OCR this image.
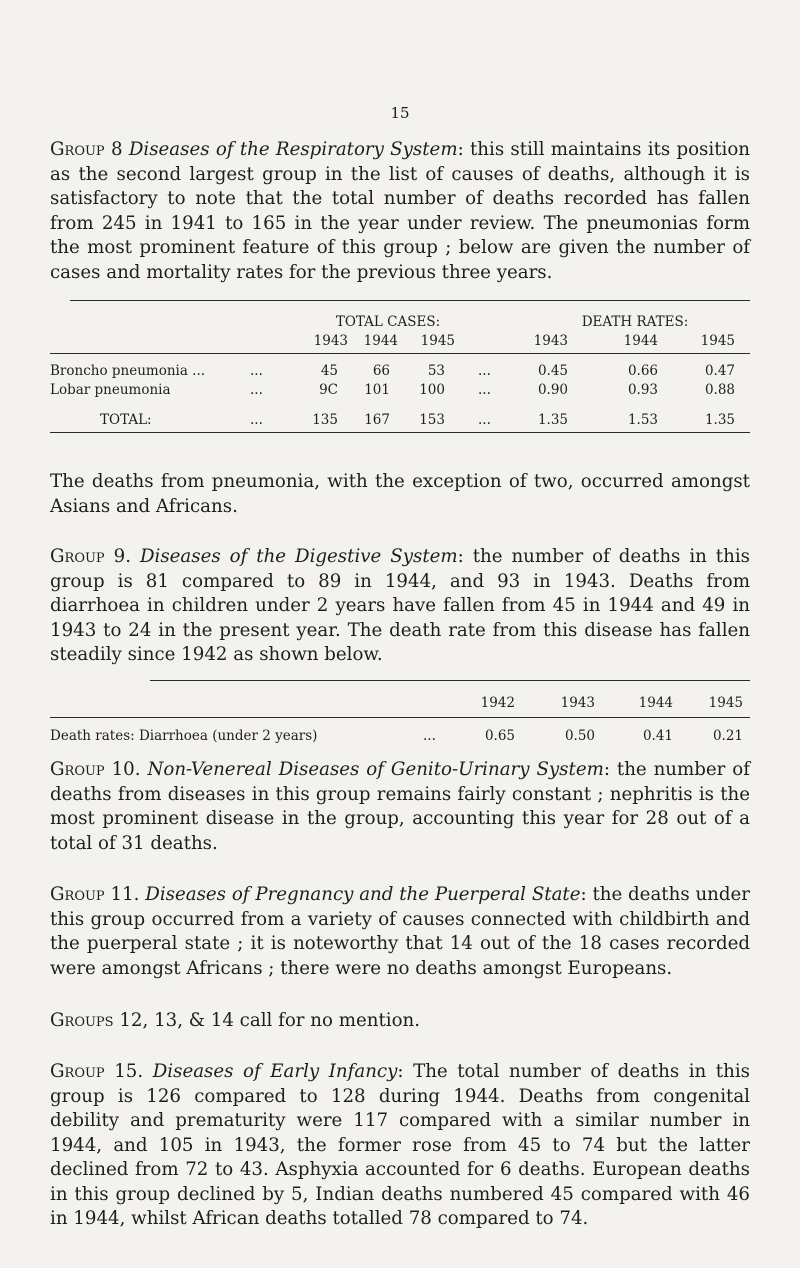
15
Group 8 Diseases of the Respiratory System: this still maintains its position as the second largest group in the list of causes of deaths, although it is satisfactory to note that the total number of deaths recorded has fallen from 245 in 1941 to 165 in the year under review. The pneumonias form the most prominent feature of this group ; below are given the number of cases and mortality rates for the previous three years.
TOTAL CASES:	DEATH RATES:
1943	1944	1945	1943	1944	1945
Broncho pneumonia ...	...	45	66	53 ...	0.45	0.66	0.47
Lobar pneumonia	...	9C	101	100 ...	0.90	0.93	0.88
TOTAL:	...	135	167	153 ...	1.35	1.53	1.35
The deaths from pneumonia, with the exception of two, occurred amongst Asians and Africans.
Group 9. Diseases of the Digestive System: the number of deaths in this group is 81 compared to 89 in 1944, and 93 in 1943. Deaths from diarrhoea in children under 2 years have fallen from 45 in 1944 and 49 in 1943 to 24 in the present year. The death rate from this disease has fallen steadily since 1942 as shown below.
1942	1943	1944	1945
Death rates: Diarrhoea (under 2 years)	...	0.65	0.50	0.41	0.21
Group 10. Non-Venereal Diseases of Genito-Urinary System: the number of deaths from diseases in this group remains fairly constant ; nephritis is the most prominent disease in the group, accounting this year for 28 out of a total of 31 deaths.
Group 11. Diseases of Pregnancy and the Puerperal State: the deaths under this group occurred from a variety of causes connected with childbirth and the puerperal state ; it is noteworthy that 14 out of the 18 cases recorded were amongst Africans ; there were no deaths amongst Europeans.
Groups 12, 13, & 14 call for no mention.
Group 15. Diseases of Early Infancy: The total number of deaths in this group is 126 compared to 128 during 1944. Deaths from congenital debility and prematurity were 117 compared with a similar number in 1944, and 105 in 1943, the former rose from 45 to 74 but the latter declined from 72 to 43. Asphyxia accounted for 6 deaths. European deaths in this group declined by 5, Indian deaths numbered 45 compared with 46 in 1944, whilst African deaths totalled 78 compared to 74.
